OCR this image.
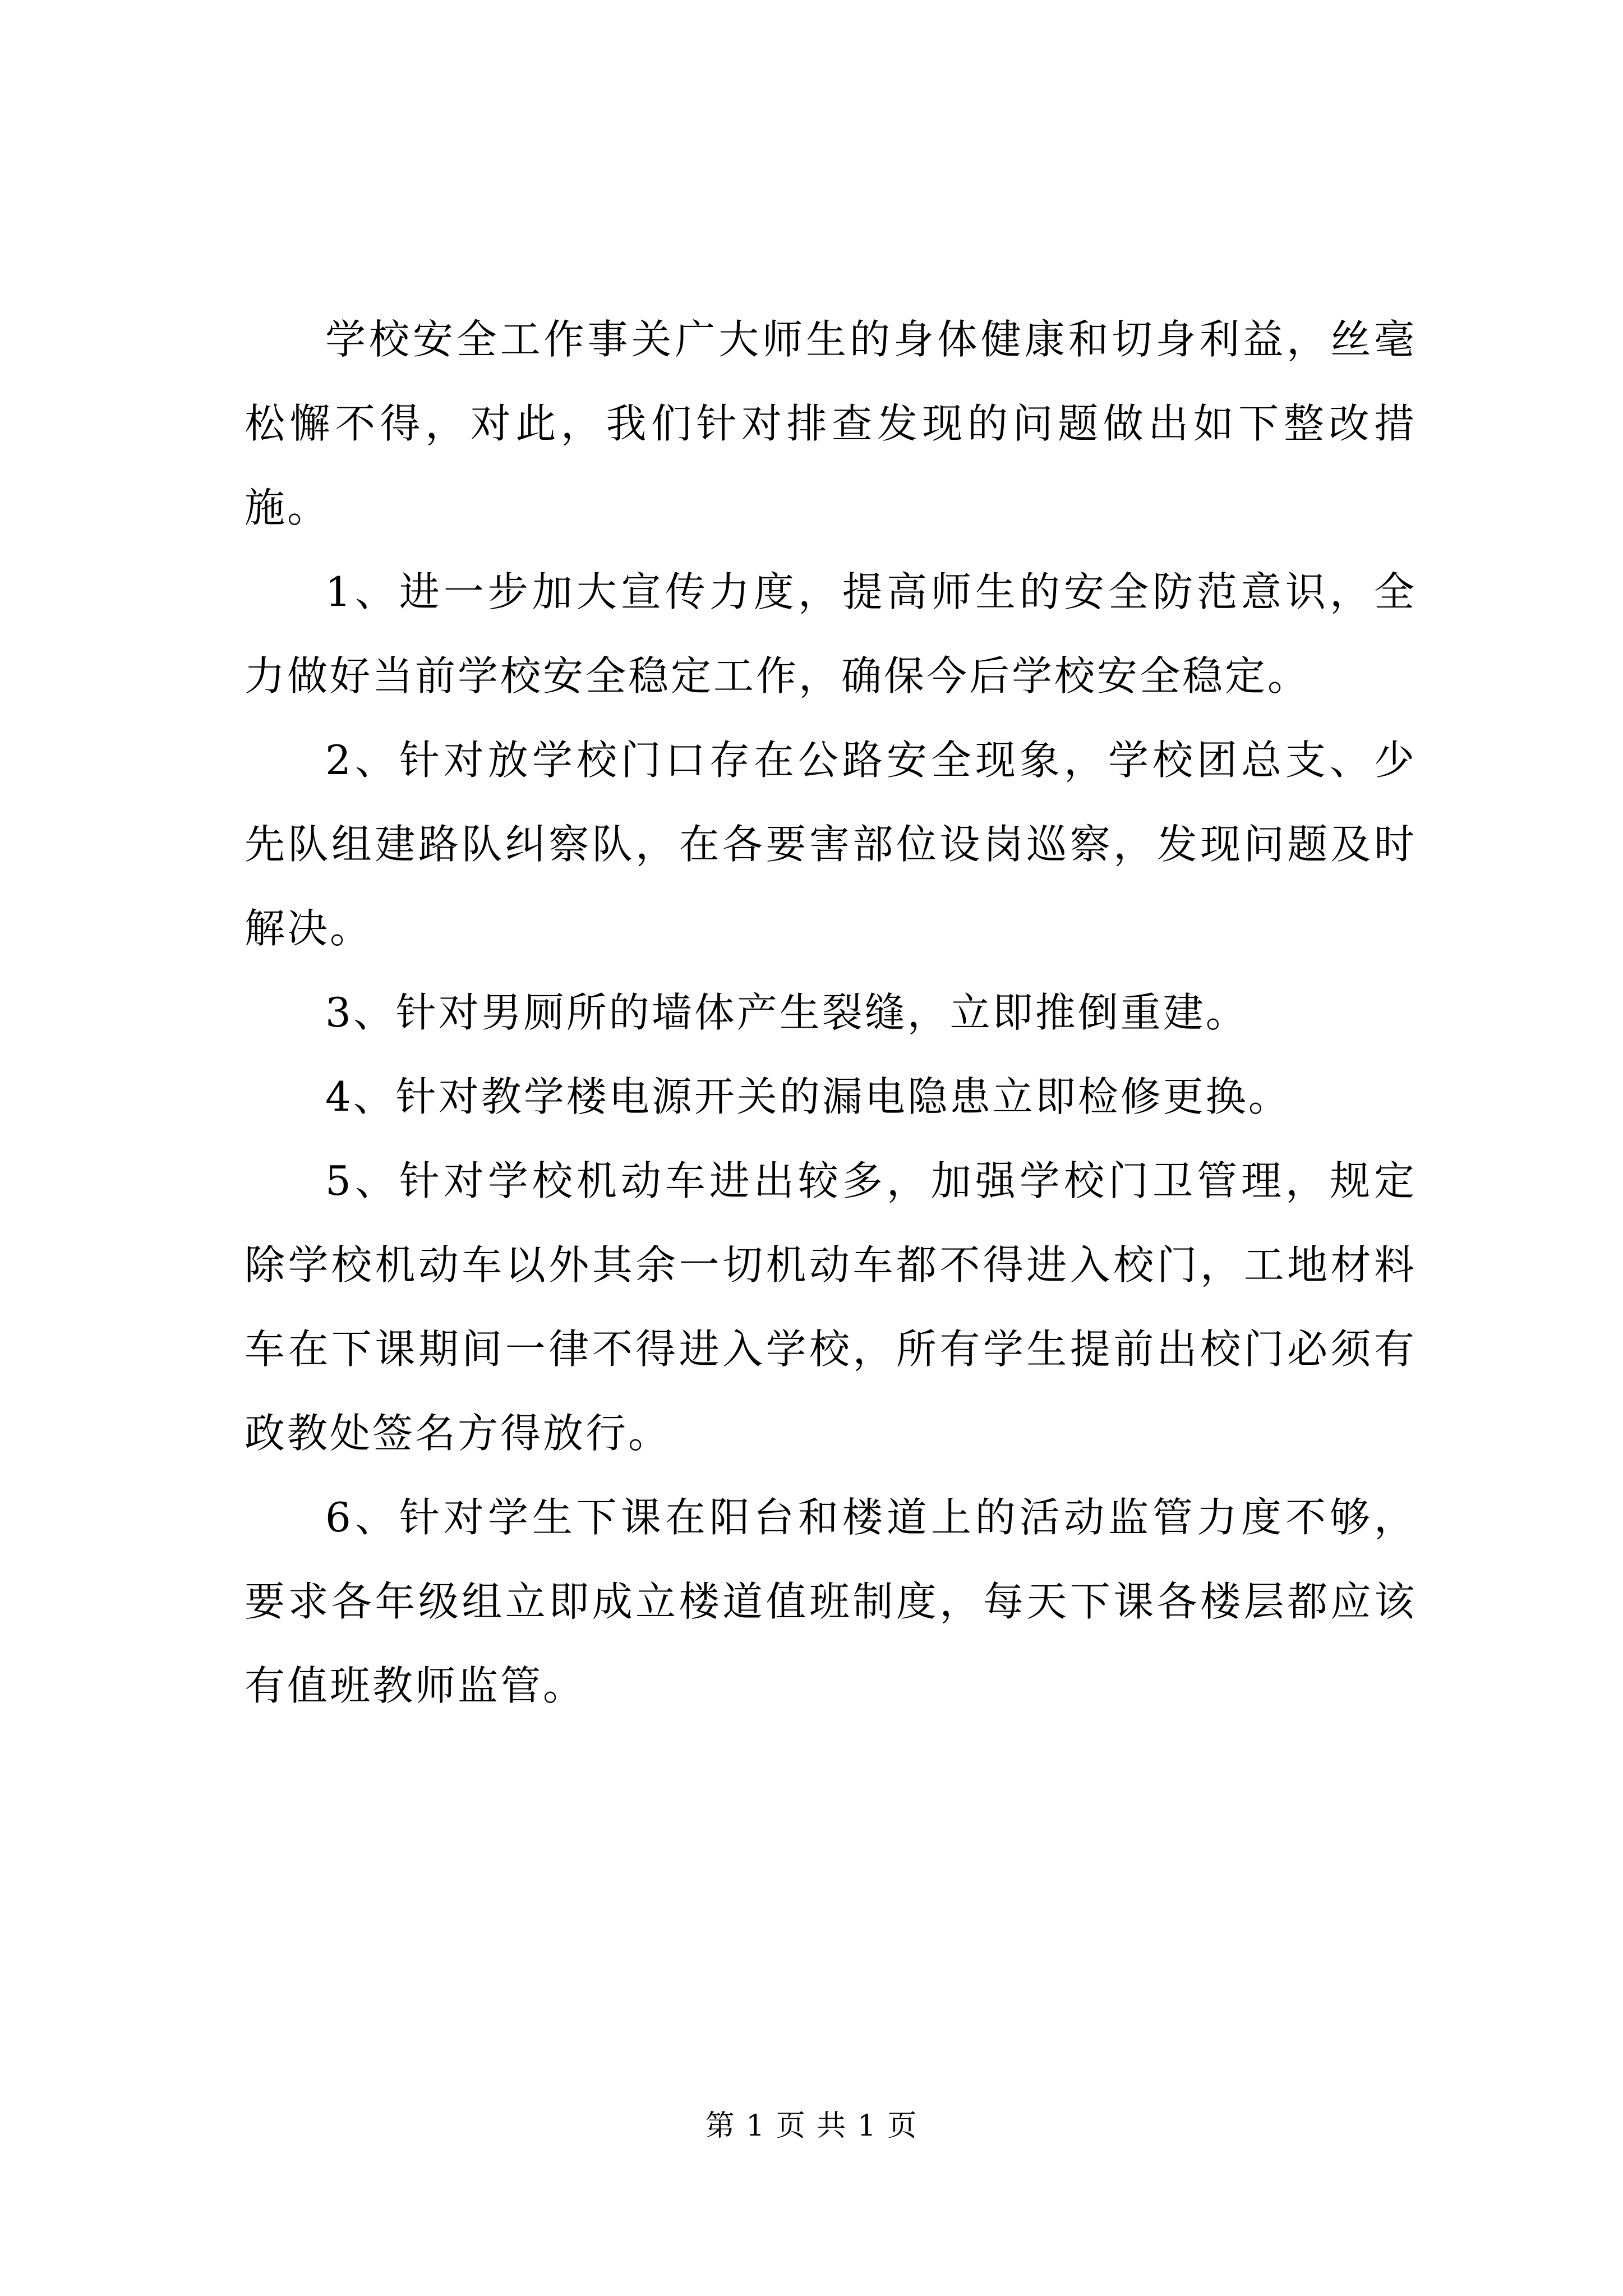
学校安全工作事关广大师生的身体健康和切身利益，丝毫松懈不得，对此，我们针对排查发现的问题做出如下整改措施。

1、进一步加大宣传力度，提高师生的安全防范意识，全力做好当前学校安全稳定工作，确保今后学校安全稳定。

2、针对放学校门口存在公路安全现象，学校团总支、少先队组建路队纠察队，在各要害部位设岗巡察，发现问题及时解决。

3、针对男厕所的墙体产生裂缝，立即推倒重建。

4、针对教学楼电源开关的漏电隐患立即检修更换。

5、针对学校机动车进出较多，加强学校门卫管理，规定除学校机动车以外其余一切机动车都不得进入校门，工地材料车在下课期间一律不得进入学校，所有学生提前出校门必须有政教处签名方得放行。

6、针对学生下课在阳台和楼道上的活动监管力度不够，要求各年级组立即成立楼道值班制度，每天下课各楼层都应该有值班教师监管。

第 1 页 共 1 页
